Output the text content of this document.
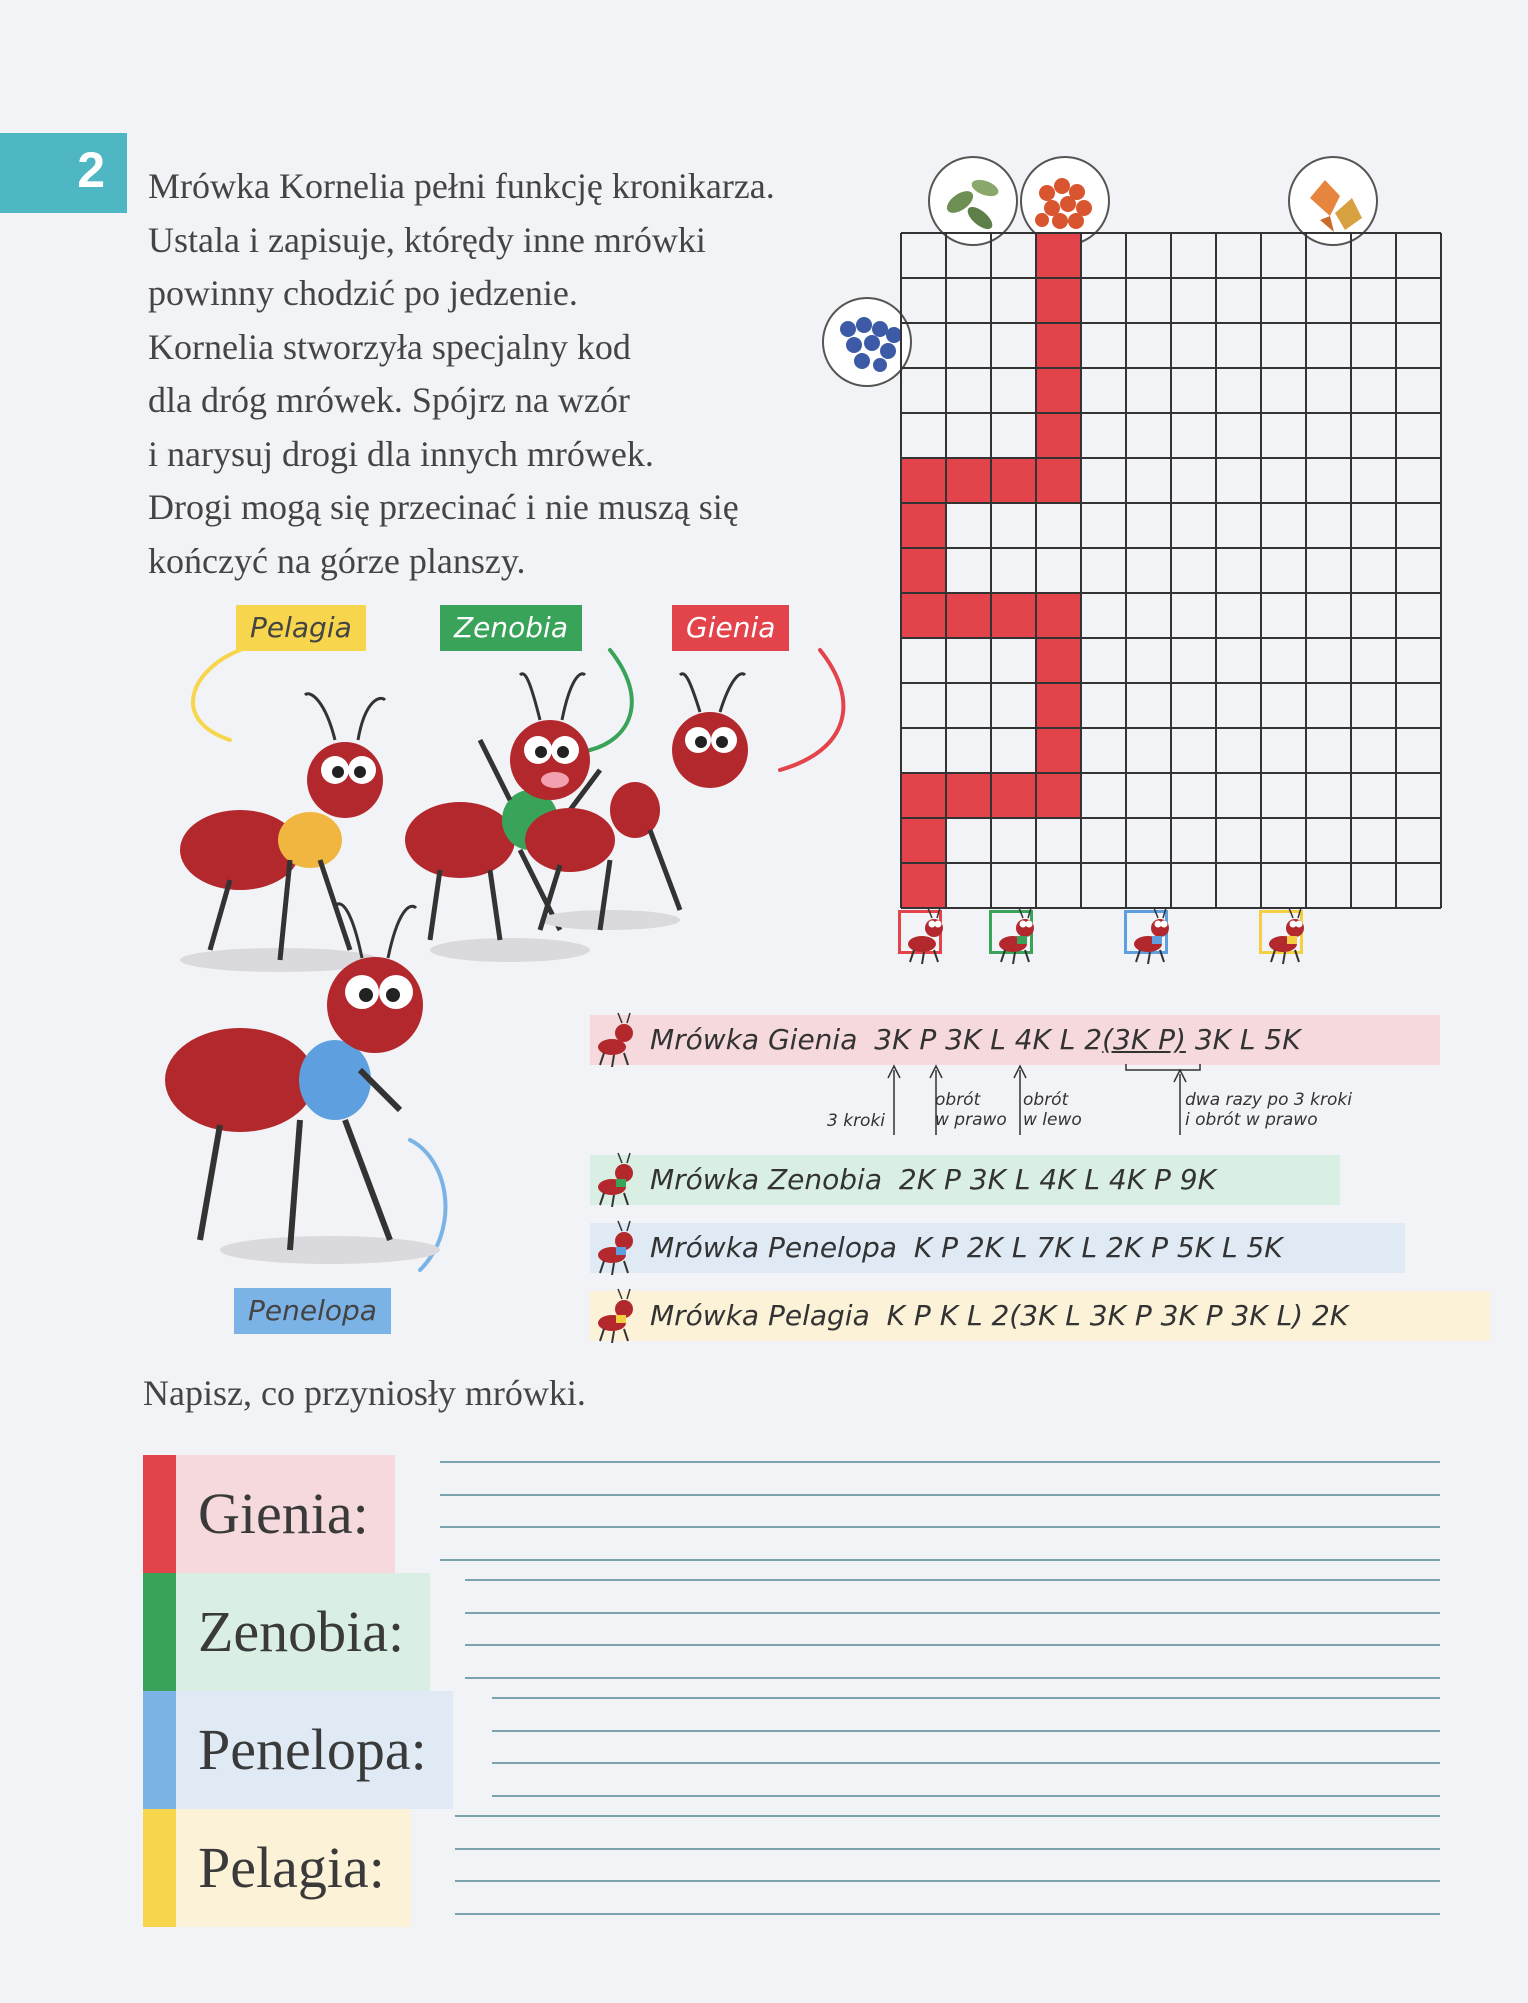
2 Mrówka Kornelia pełni funkcję kronikarza.
Ustala i zapisuje, którędy inne mrówki
powinny chodzić po jedzenie.
Kornelia stworzyła specjalny kod
dla dróg mrówek. Spójrz na wzór
i narysuj drogi dla innych mrówek.
Drogi mogą się przecinać i nie muszą się
kończyć na górze planszy.

Pelagia	Zenobia	Gienia
Penelopa
Mrówka Gienia 3K P 3K L 4K L 2(3K P) 3K L 5K
3 kroki
obrót
w prawo
obrót
w lewo
dwa razy po 3 kroki
i obrót w prawo
Mrówka Zenobia 2K P 3K L 4K L 4K P 9K
Mrówka Penelopa K P 2K L 7K L 2K P 5K L 5K
Mrówka Pelagia K P K L 2(3K L 3K P 3K P 3K L) 2K
Napisz, co przyniosły mrówki.
Gienia:
Zenobia:
Penelopa:
Pelagia:
